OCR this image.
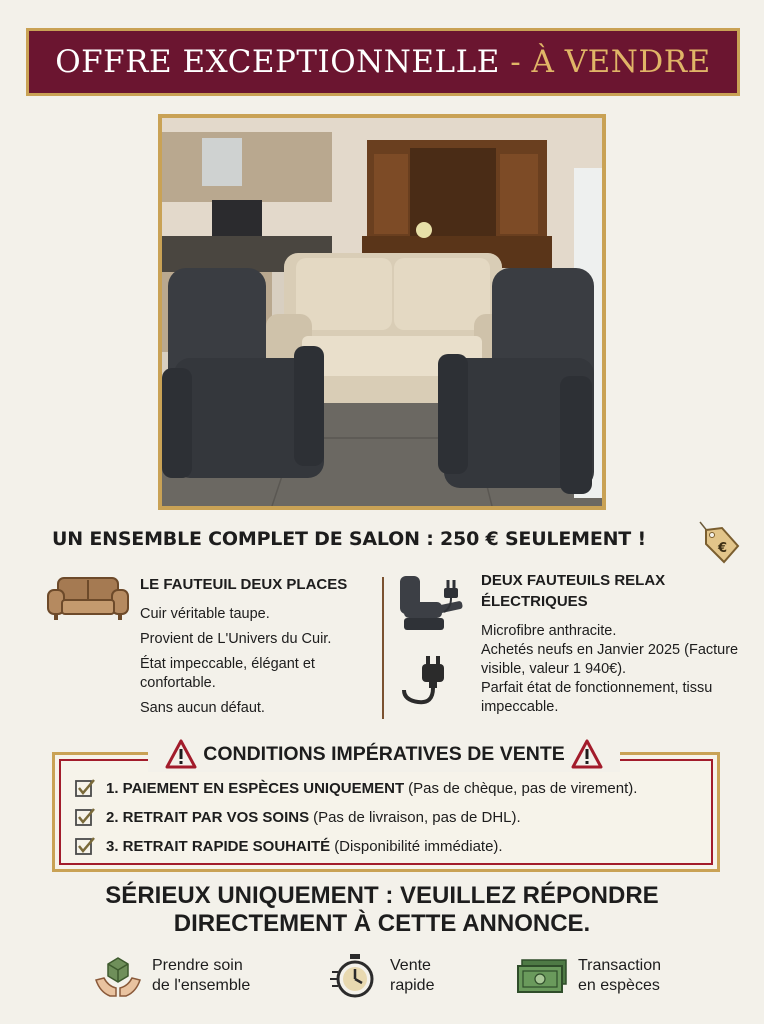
OFFRE EXCEPTIONNELLE
- À VENDRE
UN ENSEMBLE COMPLET DE SALON : 250 € SEULEMENT !	€
LE FAUTEUIL DEUX PLACES

Cuir véritable taupe.

Provient de L'Univers du Cuir.

État impeccable, élégant et confortable.

Sans aucun défaut.

DEUX FAUTEUILS RELAX ÉLECTRIQUES

Microfibre anthracite.

Achetés neufs en Janvier 2025 (Facture visible, valeur 1 940€).

Parfait état de fonctionnement, tissu impeccable.

CONDITIONS IMPÉRATIVES DE VENTE
1. PAIEMENT EN ESPÈCES UNIQUEMENT (Pas de chèque, pas de virement).
2. RETRAIT PAR VOS SOINS (Pas de livraison, pas de DHL).
3. RETRAIT RAPIDE SOUHAITÉ (Disponibilité immédiate).
SÉRIEUX UNIQUEMENT : VEUILLEZ RÉPONDRE
DIRECTEMENT À CETTE ANNONCE.
Prendre soin
de l'ensemble
Vente
rapide
Transaction
en espèces
